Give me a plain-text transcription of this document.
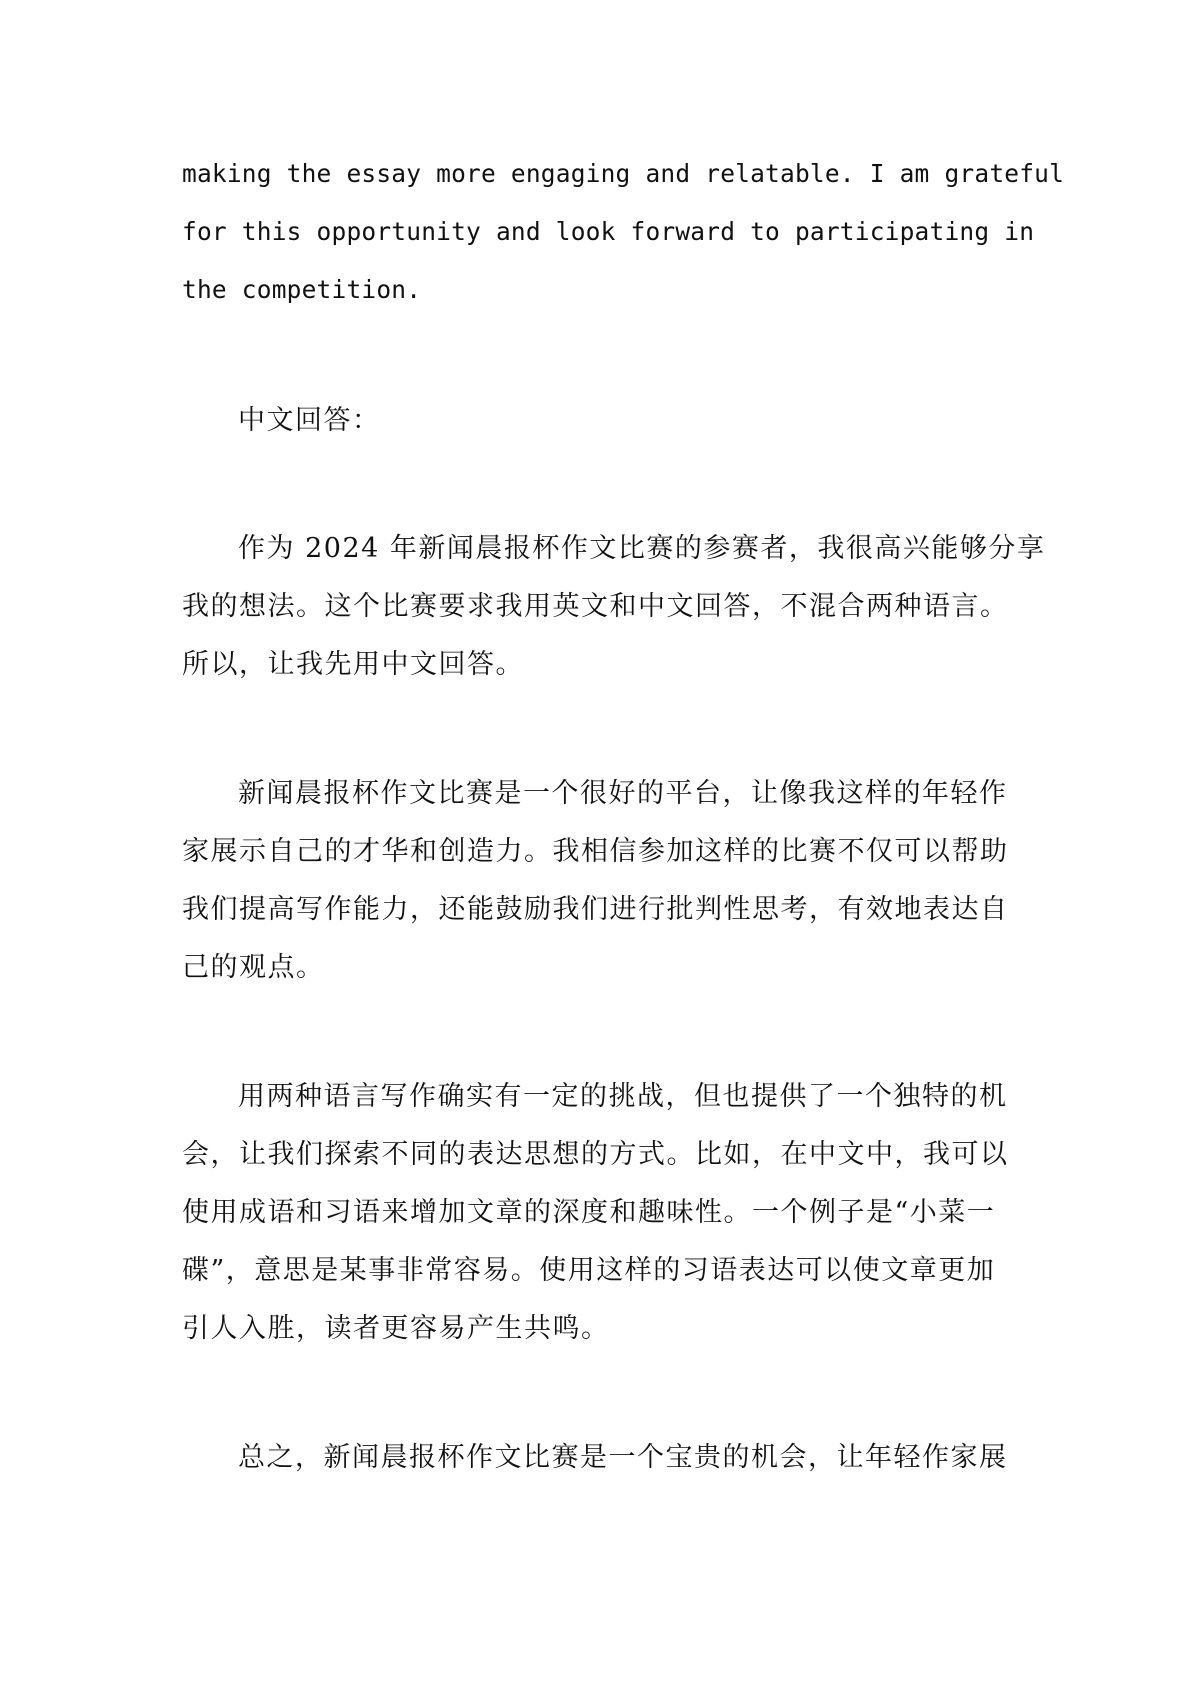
making the essay more engaging and relatable. I am grateful
for this opportunity and look forward to participating in
the competition.
中文回答：
作为 2024 年新闻晨报杯作文比赛的参赛者，我很高兴能够分享
我的想法。这个比赛要求我用英文和中文回答，不混合两种语言。
所以，让我先用中文回答。
新闻晨报杯作文比赛是一个很好的平台，让像我这样的年轻作
家展示自己的才华和创造力。我相信参加这样的比赛不仅可以帮助
我们提高写作能力，还能鼓励我们进行批判性思考，有效地表达自
己的观点。
用两种语言写作确实有一定的挑战，但也提供了一个独特的机
会，让我们探索不同的表达思想的方式。比如，在中文中，我可以
使用成语和习语来增加文章的深度和趣味性。一个例子是“小菜一
碟”，意思是某事非常容易。使用这样的习语表达可以使文章更加
引人入胜，读者更容易产生共鸣。
总之，新闻晨报杯作文比赛是一个宝贵的机会，让年轻作家展
